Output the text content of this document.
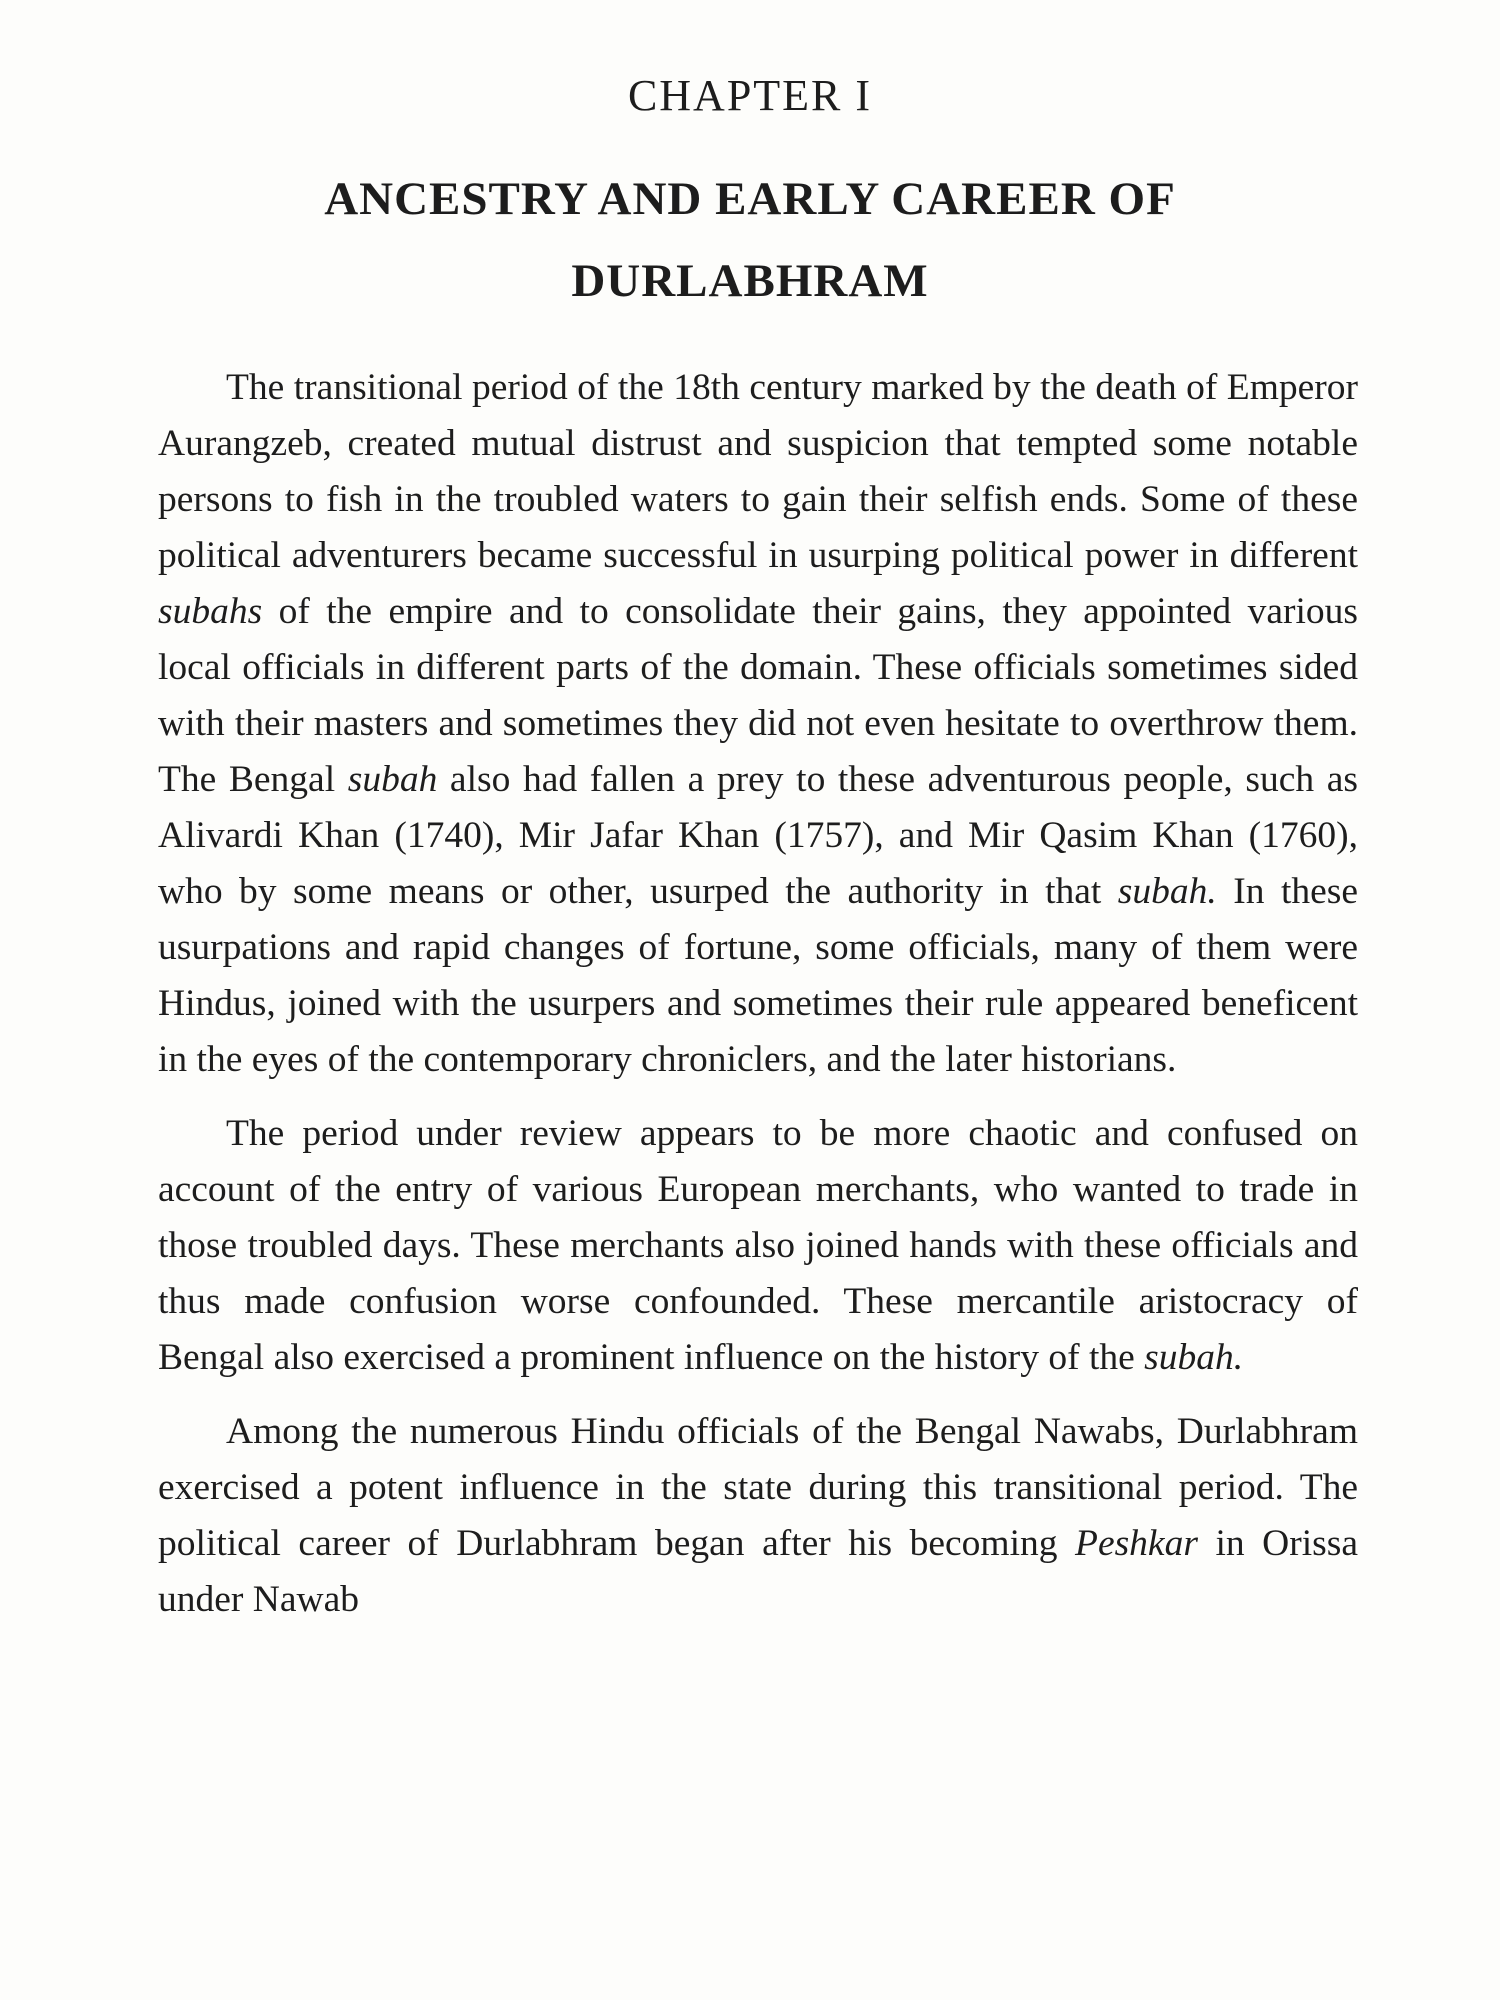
CHAPTER I
ANCESTRY AND EARLY CAREER OF DURLABHRAM

The transitional period of the 18th century marked by the death of Emperor Aurangzeb, created mutual distrust and suspicion that tempted some notable persons to fish in the troubled waters to gain their selfish ends. Some of these political adventurers became successful in usurping political power in different subahs of the empire and to consolidate their gains, they appointed various local officials in different parts of the domain. These officials sometimes sided with their masters and sometimes they did not even hesitate to overthrow them. The Bengal subah also had fallen a prey to these adventurous people, such as Alivardi Khan (1740), Mir Jafar Khan (1757), and Mir Qasim Khan (1760), who by some means or other, usurped the authority in that subah. In these usurpations and rapid changes of fortune, some officials, many of them were Hindus, joined with the usurpers and sometimes their rule appeared beneficent in the eyes of the contemporary chroniclers, and the later historians.

The period under review appears to be more chaotic and confused on account of the entry of various European merchants, who wanted to trade in those troubled days. These merchants also joined hands with these officials and thus made confusion worse confounded. These mercantile aristocracy of Bengal also exercised a prominent influence on the history of the subah.

Among the numerous Hindu officials of the Bengal Nawabs, Durlabhram exercised a potent influence in the state during this transitional period. The political career of Durlabhram began after his becoming Peshkar in Orissa under Nawab
